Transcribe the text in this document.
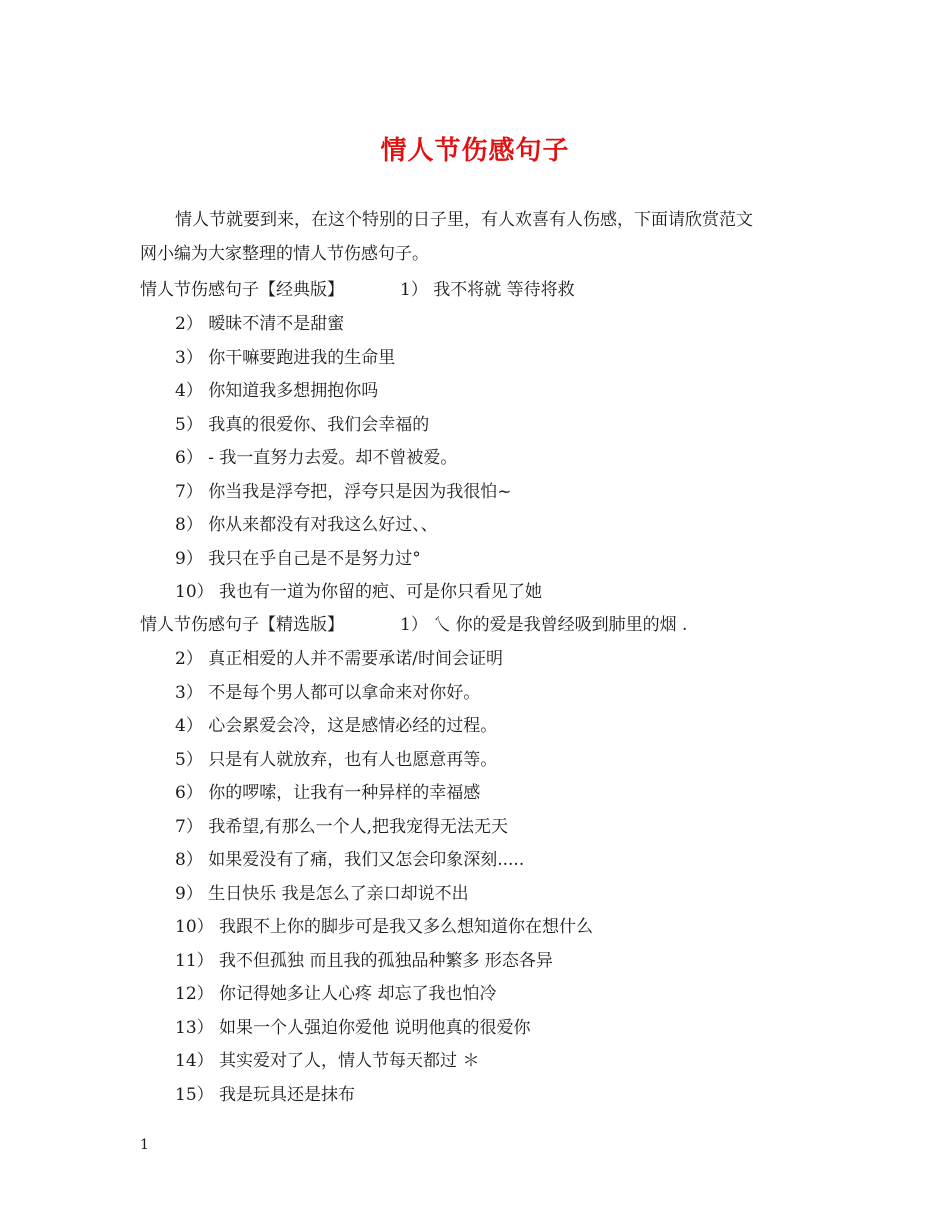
情人节伤感句子
情人节就要到来，在这个特别的日子里，有人欢喜有人伤感，下面请欣赏范文
网小编为大家整理的情人节伤感句子。
情人节伤感句子【经典版】	1） 我不将就 等待将救
2） 暧昧不清不是甜蜜
3） 你干嘛要跑进我的生命里
4） 你知道我多想拥抱你吗
5） 我真的很爱你、我们会幸福的
6） - 我一直努力去爱。却不曾被爱。
7） 你当我是浮夸把，浮夸只是因为我很怕~
8） 你从来都没有对我这么好过、、
9） 我只在乎自己是不是努力过°
10） 我也有一道为你留的疤、可是你只看见了她
情人节伤感句子【精选版】	1） 乀 你的爱是我曾经吸到肺里的烟 .
2） 真正相爱的人并不需要承诺/时间会证明
3） 不是每个男人都可以拿命来对你好。
4） 心会累爱会冷，这是感情必经的过程。
5） 只是有人就放弃，也有人也愿意再等。
6） 你的啰嗦，让我有一种异样的幸福感
7） 我希望,有那么一个人,把我宠得无法无天
8） 如果爱没有了痛，我们又怎会印象深刻.....
9） 生日快乐 我是怎么了亲口却说不出
10） 我跟不上你的脚步可是我又多么想知道你在想什么
11） 我不但孤独 而且我的孤独品种繁多 形态各异
12） 你记得她多让人心疼 却忘了我也怕冷
13） 如果一个人强迫你爱他 说明他真的很爱你
14） 其实爱对了人，情人节每天都过 ＊
15） 我是玩具还是抹布
1
